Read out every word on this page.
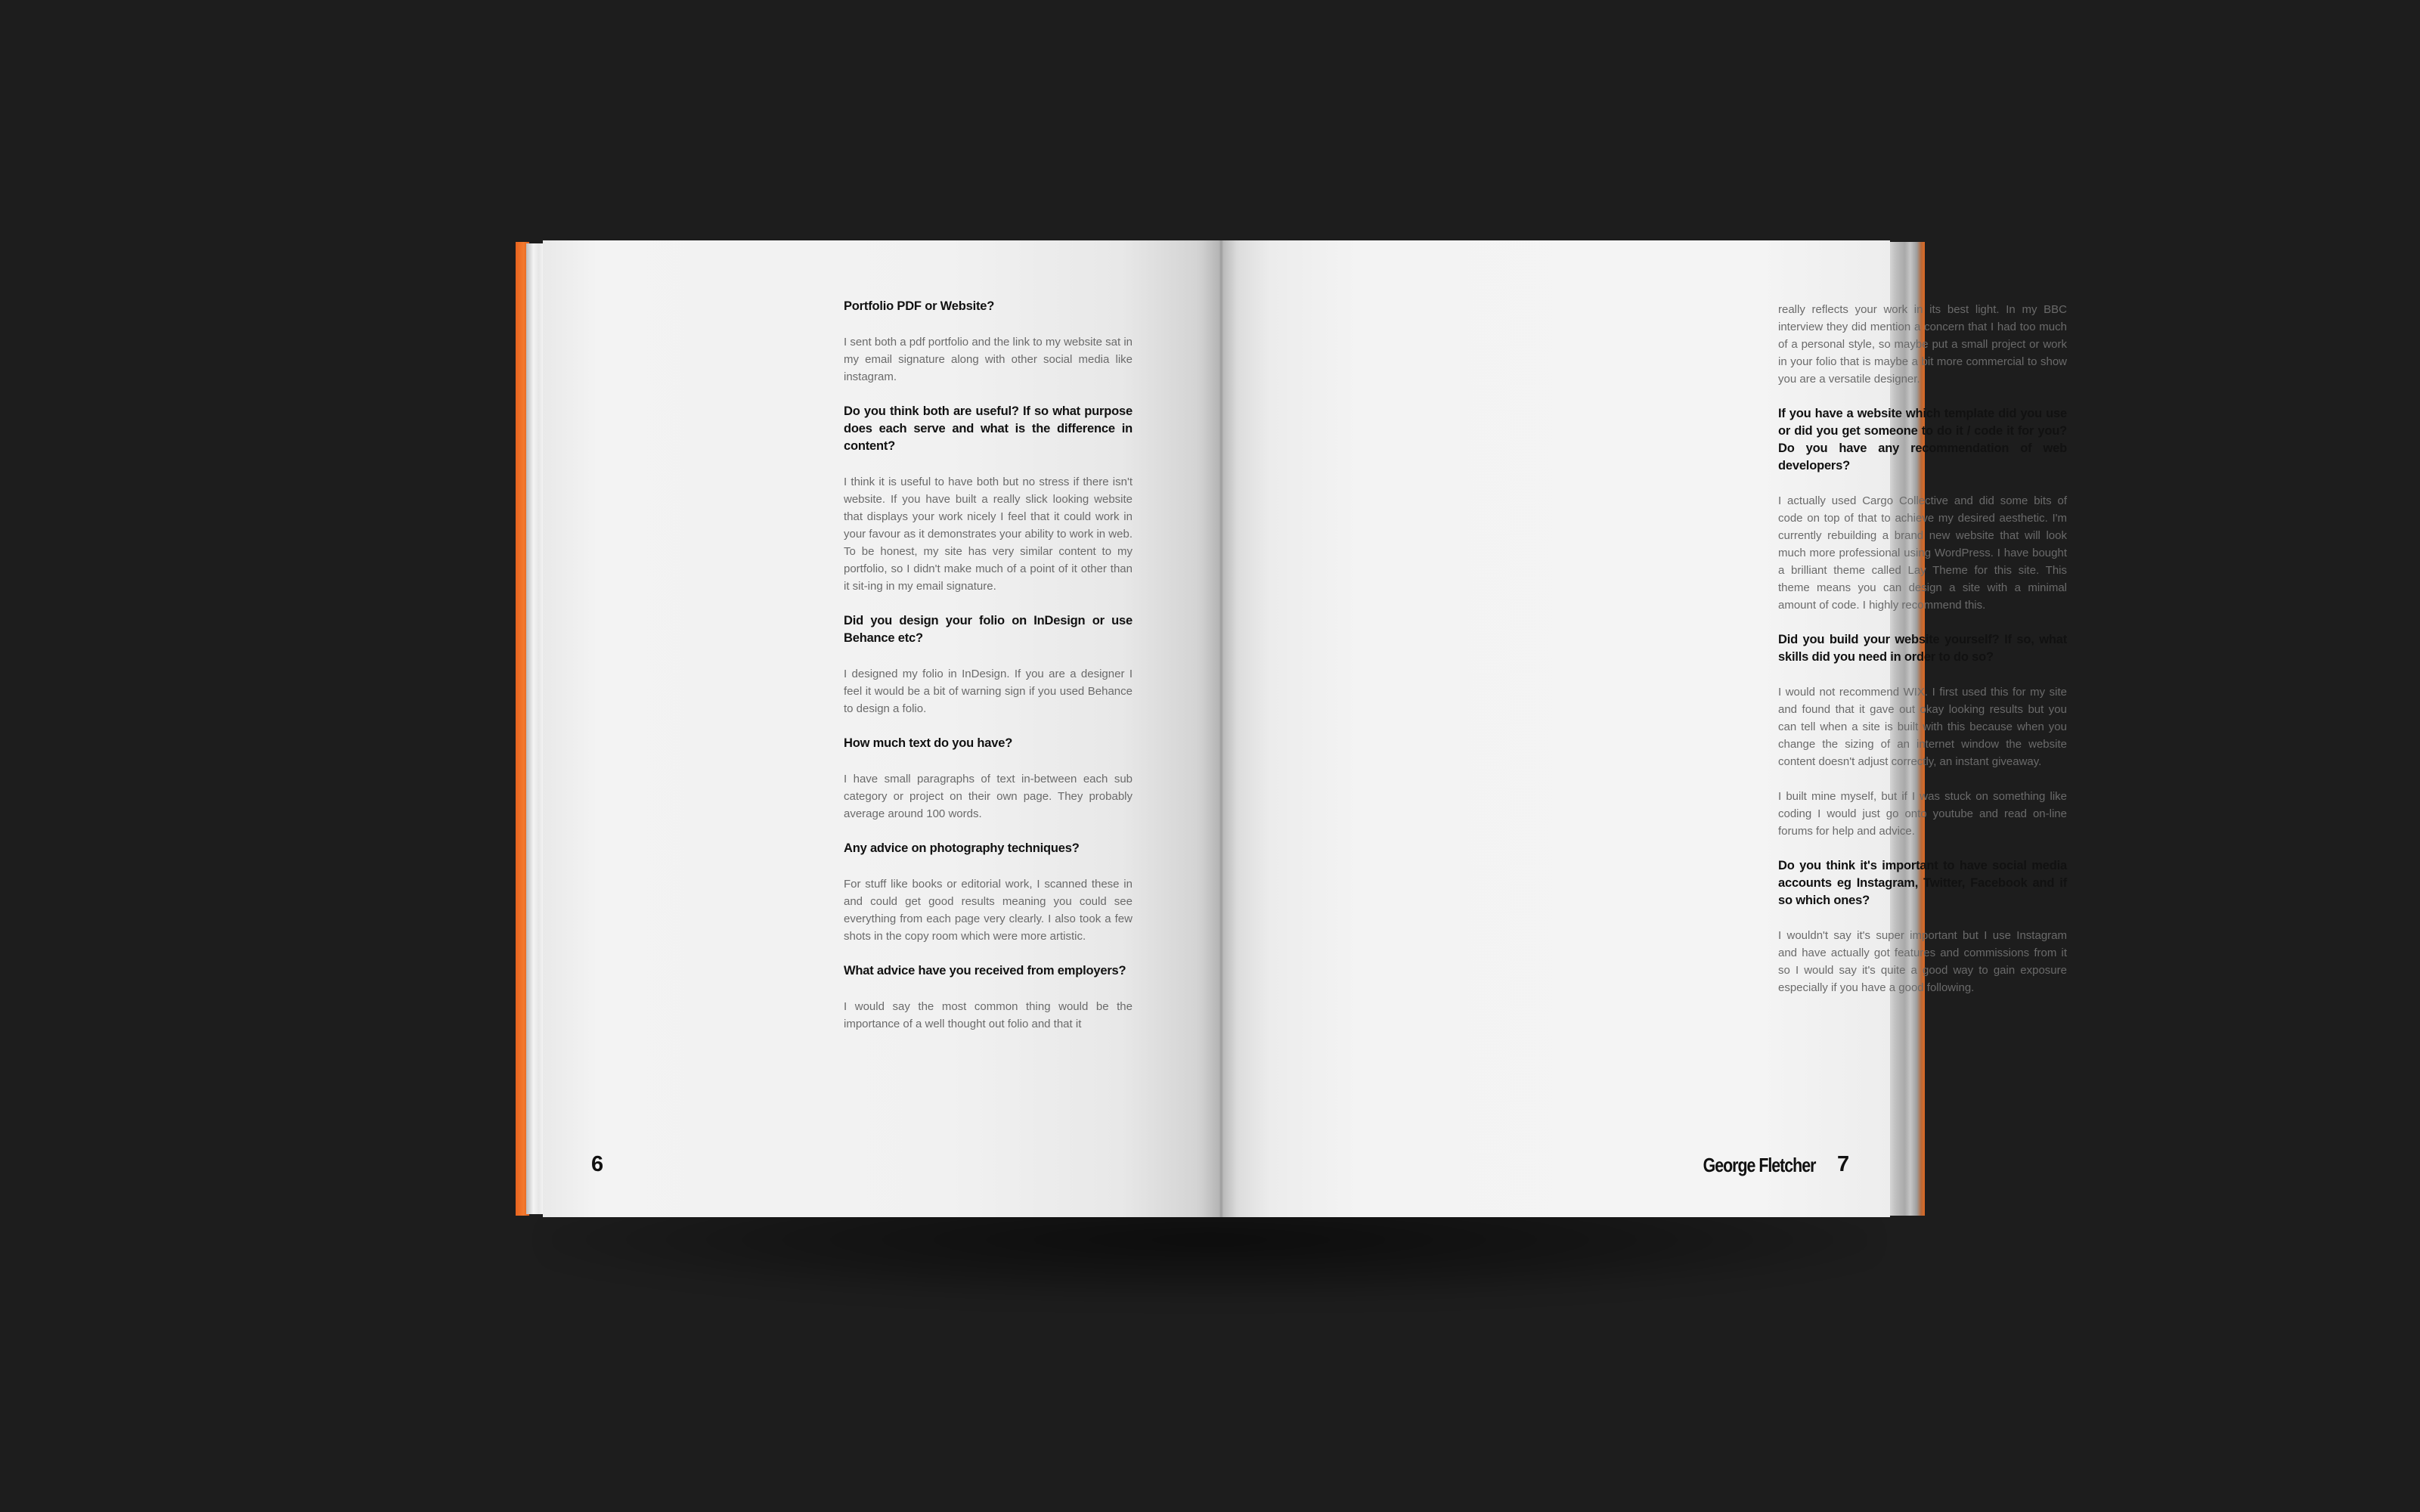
Portfolio PDF or Website?

I sent both a pdf portfolio and the link to my website sat in my email signature along with other social media like instagram.

Do you think both are useful? If so what purpose does each serve and what is the difference in content?

I think it is useful to have both but no stress if there isn't website. If you have built a really slick looking website that displays your work nicely I feel that it could work in your favour as it demonstrates your ability to work in web. To be honest, my site has very similar content to my portfolio, so I didn't make much of a point of it other than it sit-ing in my email signature.

Did you design your folio on InDesign or use Behance etc?

I designed my folio in InDesign. If you are a designer I feel it would be a bit of warning sign if you used Behance to design a folio.

How much text do you have?

I have small paragraphs of text in-between each sub category or project on their own page. They probably average around 100 words.

Any advice on photography techniques?

For stuff like books or editorial work, I scanned these in and could get good results meaning you could see everything from each page very clearly. I also took a few shots in the copy room which were more artistic.

What advice have you received from employers?

I would say the most common thing would be the importance of a well thought out folio and that it

really reflects your work in its best light. In my BBC interview they did mention a concern that I had too much of a personal style, so maybe put a small project or work in your folio that is maybe a bit more commercial to show you are a versatile designer.

If you have a website which template did you use or did you get someone to do it / code it for you? Do you have any recommendation of web developers?

I actually used Cargo Collective and did some bits of code on top of that to achieve my desired aesthetic. I'm currently rebuilding a brand new website that will look much more professional using WordPress. I have bought a brilliant theme called Lay Theme for this site. This theme means you can design a site with a minimal amount of code. I highly recommend this.

Did you build your website yourself? If so, what skills did you need in order to do so?

I would not recommend WIX. I first used this for my site and found that it gave out okay looking results but you can tell when a site is built with this because when you change the sizing of an internet window the website content doesn't adjust correctly, an instant giveaway.

I built mine myself, but if I was stuck on something like coding I would just go onto youtube and read on-line forums for help and advice.

Do you think it's important to have social media accounts eg Instagram, Twitter, Facebook and if so which ones?

I wouldn't say it's super important but I use Instagram and have actually got features and commissions from it so I would say it's quite a good way to gain exposure especially if you have a good following.

6	George Fletcher 7
